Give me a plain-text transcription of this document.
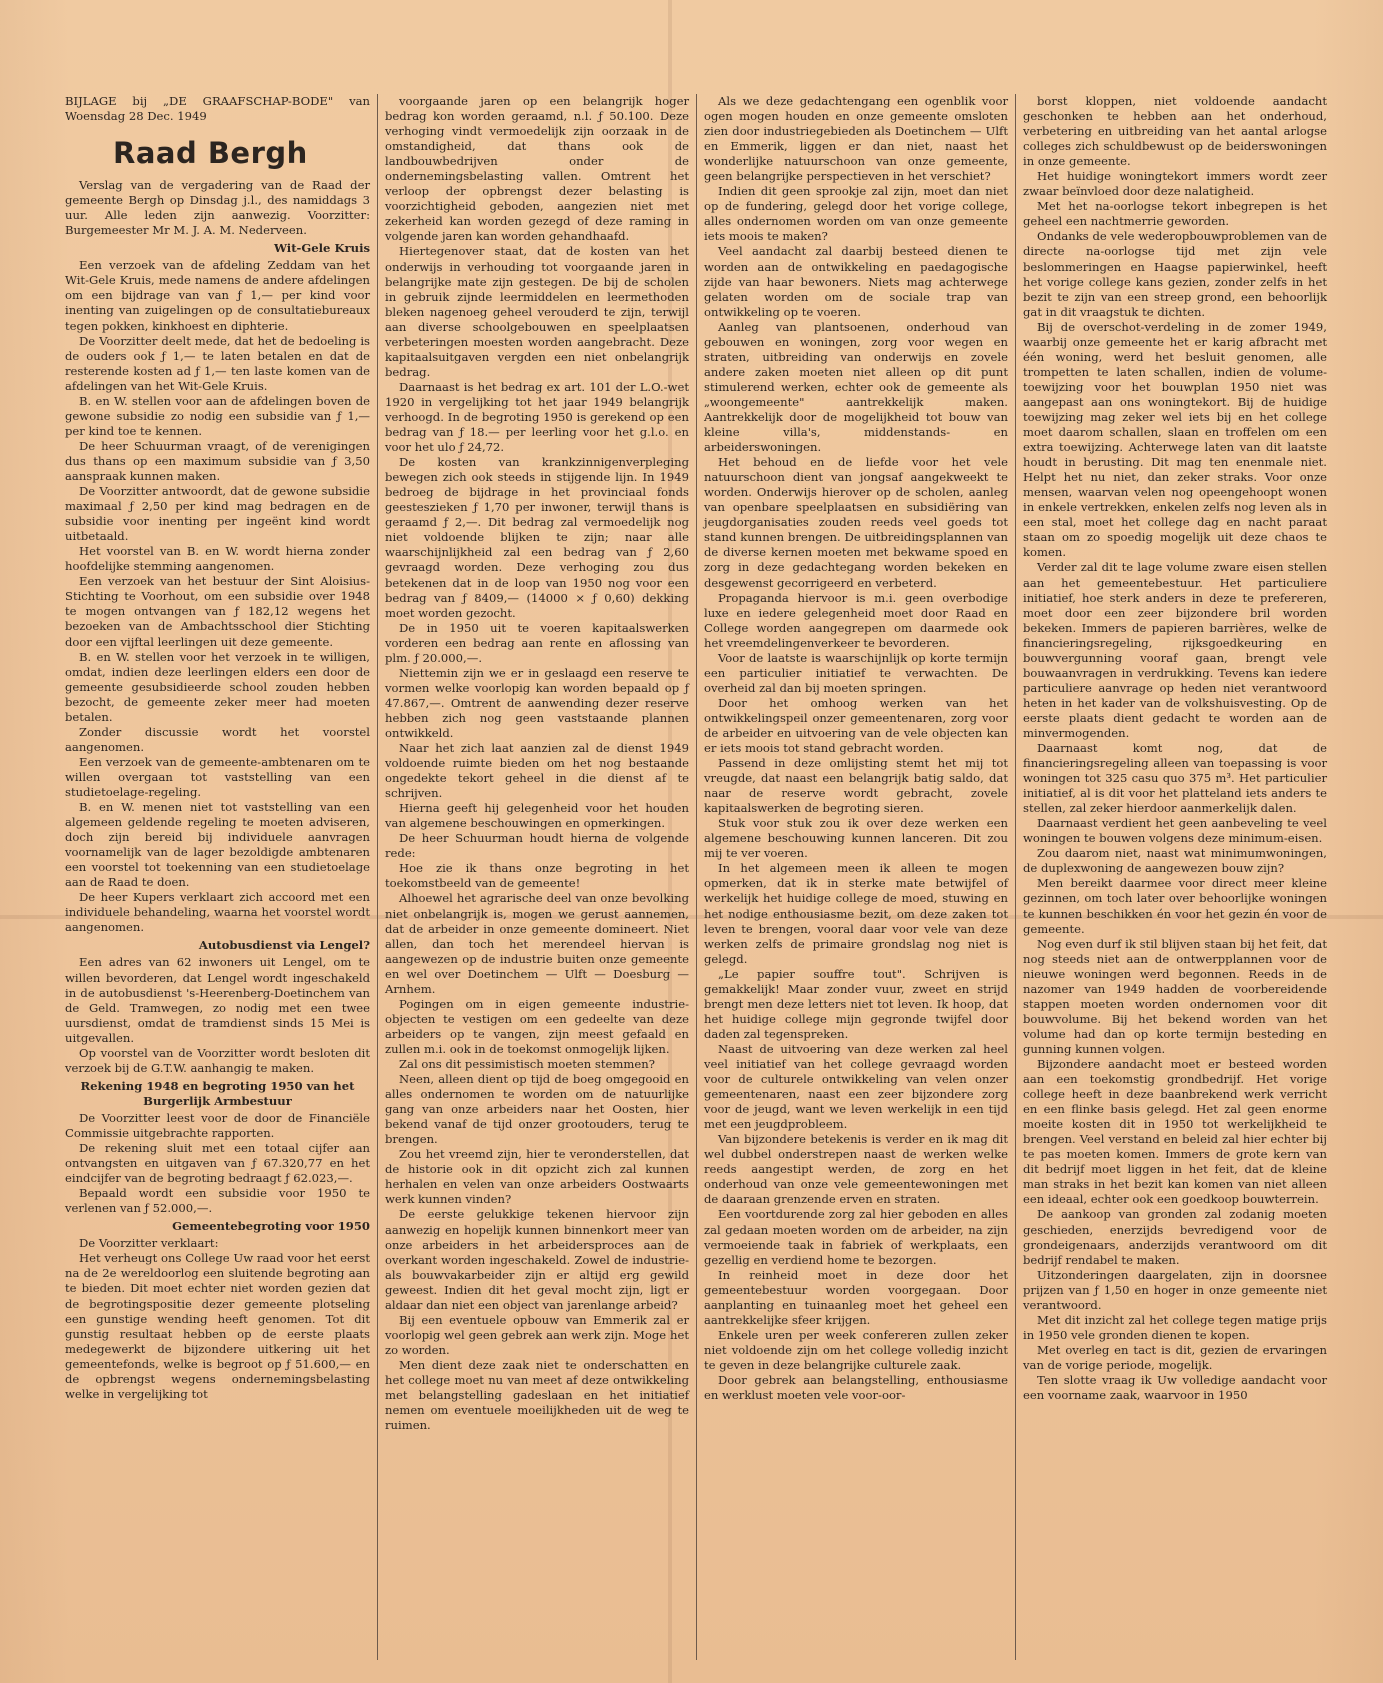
BIJLAGE bij „DE GRAAFSCHAP-BODE" van Woensdag 28 Dec. 1949

Raad Bergh

Verslag van de vergadering van de Raad der gemeente Bergh op Dinsdag j.l., des namiddags 3 uur. Alle leden zijn aanwezig. Voorzitter: Burgemeester Mr M. J. A. M. Nederveen.

Wit-Gele Kruis

Een verzoek van de afdeling Zeddam van het Wit-Gele Kruis, mede namens de andere afdelingen om een bijdrage van van ƒ 1,— per kind voor inenting van zuigelingen op de consultatiebureaux tegen pokken, kinkhoest en diphterie.

De Voorzitter deelt mede, dat het de bedoeling is de ouders ook ƒ 1,— te laten betalen en dat de resterende kosten ad ƒ 1,— ten laste komen van de afdelingen van het Wit-Gele Kruis.

B. en W. stellen voor aan de afdelingen boven de gewone subsidie zo nodig een subsidie van ƒ 1,— per kind toe te kennen.

De heer Schuurman vraagt, of de verenigingen dus thans op een maximum subsidie van ƒ 3,50 aanspraak kunnen maken.

De Voorzitter antwoordt, dat de gewone subsidie maximaal ƒ 2,50 per kind mag bedragen en de subsidie voor inenting per ingeënt kind wordt uitbetaald.

Het voorstel van B. en W. wordt hierna zonder hoofdelijke stemming aangenomen.

Een verzoek van het bestuur der Sint Aloisius-Stichting te Voorhout, om een subsidie over 1948 te mogen ontvangen van ƒ 182,12 wegens het bezoeken van de Ambachtsschool dier Stichting door een vijftal leerlingen uit deze gemeente.

B. en W. stellen voor het verzoek in te willigen, omdat, indien deze leerlingen elders een door de gemeente gesubsidieerde school zouden hebben bezocht, de gemeente zeker meer had moeten betalen.

Zonder discussie wordt het voorstel aangenomen.

Een verzoek van de gemeente-ambtenaren om te willen overgaan tot vaststelling van een studietoelage-regeling.

B. en W. menen niet tot vaststelling van een algemeen geldende regeling te moeten adviseren, doch zijn bereid bij individuele aanvragen voornamelijk van de lager bezoldigde ambtenaren een voorstel tot toekenning van een studietoelage aan de Raad te doen.

De heer Kupers verklaart zich accoord met een individuele behandeling, waarna het voorstel wordt aangenomen.

Autobusdienst via Lengel?

Een adres van 62 inwoners uit Lengel, om te willen bevorderen, dat Lengel wordt ingeschakeld in de autobusdienst 's-Heerenberg-Doetinchem van de Geld. Tramwegen, zo nodig met een twee uursdienst, omdat de tramdienst sinds 15 Mei is uitgevallen.

Op voorstel van de Voorzitter wordt besloten dit verzoek bij de G.T.W. aanhangig te maken.

Rekening 1948 en begroting 1950 van het Burgerlijk Armbestuur

De Voorzitter leest voor de door de Financiële Commissie uitgebrachte rapporten.

De rekening sluit met een totaal cijfer aan ontvangsten en uitgaven van ƒ 67.320,77 en het eindcijfer van de begroting bedraagt ƒ 62.023,—.

Bepaald wordt een subsidie voor 1950 te verlenen van ƒ 52.000,—.

Gemeentebegroting voor 1950

De Voorzitter verklaart:

Het verheugt ons College Uw raad voor het eerst na de 2e wereldoorlog een sluitende begroting aan te bieden. Dit moet echter niet worden gezien dat de begrotingspositie dezer gemeente plotseling een gunstige wending heeft genomen. Tot dit gunstig resultaat hebben op de eerste plaats medegewerkt de bijzondere uitkering uit het gemeentefonds, welke is begroot op ƒ 51.600,— en de opbrengst wegens ondernemingsbelasting welke in vergelijking tot

voorgaande jaren op een belangrijk hoger bedrag kon worden geraamd, n.l. ƒ 50.100. Deze verhoging vindt vermoedelijk zijn oorzaak in de omstandigheid, dat thans ook de landbouwbedrijven onder de ondernemingsbelasting vallen. Omtrent het verloop der opbrengst dezer belasting is voorzichtigheid geboden, aangezien niet met zekerheid kan worden gezegd of deze raming in volgende jaren kan worden gehandhaafd.

Hiertegenover staat, dat de kosten van het onderwijs in verhouding tot voorgaande jaren in belangrijke mate zijn gestegen. De bij de scholen in gebruik zijnde leermiddelen en leermethoden bleken nagenoeg geheel verouderd te zijn, terwijl aan diverse schoolgebouwen en speelplaatsen verbeteringen moesten worden aangebracht. Deze kapitaalsuitgaven vergden een niet onbelangrijk bedrag.

Daarnaast is het bedrag ex art. 101 der L.O.-wet 1920 in vergelijking tot het jaar 1949 belangrijk verhoogd. In de begroting 1950 is gerekend op een bedrag van ƒ 18.— per leerling voor het g.l.o. en voor het ulo ƒ 24,72.

De kosten van krankzinnigenverpleging bewegen zich ook steeds in stijgende lijn. In 1949 bedroeg de bijdrage in het provinciaal fonds geesteszieken ƒ 1,70 per inwoner, terwijl thans is geraamd ƒ 2,—. Dit bedrag zal vermoedelijk nog niet voldoende blijken te zijn; naar alle waarschijnlijkheid zal een bedrag van ƒ 2,60 gevraagd worden. Deze verhoging zou dus betekenen dat in de loop van 1950 nog voor een bedrag van ƒ 8409,— (14000 × ƒ 0,60) dekking moet worden gezocht.

De in 1950 uit te voeren kapitaalswerken vorderen een bedrag aan rente en aflossing van plm. ƒ 20.000,—.

Niettemin zijn we er in geslaagd een reserve te vormen welke voorlopig kan worden bepaald op ƒ 47.867,—. Omtrent de aanwending dezer reserve hebben zich nog geen vaststaande plannen ontwikkeld.

Naar het zich laat aanzien zal de dienst 1949 voldoende ruimte bieden om het nog bestaande ongedekte tekort geheel in die dienst af te schrijven.

Hierna geeft hij gelegenheid voor het houden van algemene beschouwingen en opmerkingen.

De heer Schuurman houdt hierna de volgende rede:

Hoe zie ik thans onze begroting in het toekomstbeeld van de gemeente!

Alhoewel het agrarische deel van onze bevolking niet onbelangrijk is, mogen we gerust aannemen, dat de arbeider in onze gemeente domineert. Niet allen, dan toch het merendeel hiervan is aangewezen op de industrie buiten onze gemeente en wel over Doetinchem — Ulft — Doesburg — Arnhem.

Pogingen om in eigen gemeente industrie-objecten te vestigen om een gedeelte van deze arbeiders op te vangen, zijn meest gefaald en zullen m.i. ook in de toekomst onmogelijk lijken.

Zal ons dit pessimistisch moeten stemmen?

Neen, alleen dient op tijd de boeg omgegooid en alles ondernomen te worden om de natuurlijke gang van onze arbeiders naar het Oosten, hier bekend vanaf de tijd onzer grootouders, terug te brengen.

Zou het vreemd zijn, hier te veronderstellen, dat de historie ook in dit opzicht zich zal kunnen herhalen en velen van onze arbeiders Oostwaarts werk kunnen vinden?

De eerste gelukkige tekenen hiervoor zijn aanwezig en hopelijk kunnen binnenkort meer van onze arbeiders in het arbeidersproces aan de overkant worden ingeschakeld. Zowel de industrie- als bouwvakarbeider zijn er altijd erg gewild geweest. Indien dit het geval mocht zijn, ligt er aldaar dan niet een object van jarenlange arbeid?

Bij een eventuele opbouw van Emmerik zal er voorlopig wel geen gebrek aan werk zijn. Moge het zo worden.

Men dient deze zaak niet te onderschatten en het college moet nu van meet af deze ontwikkeling met belangstelling gadeslaan en het initiatief nemen om eventuele moeilijkheden uit de weg te ruimen.

Als we deze gedachtengang een ogenblik voor ogen mogen houden en onze gemeente omsloten zien door industriegebieden als Doetinchem — Ulft en Emmerik, liggen er dan niet, naast het wonderlijke natuurschoon van onze gemeente, geen belangrijke perspectieven in het verschiet?

Indien dit geen sprookje zal zijn, moet dan niet op de fundering, gelegd door het vorige college, alles ondernomen worden om van onze gemeente iets moois te maken?

Veel aandacht zal daarbij besteed dienen te worden aan de ontwikkeling en paedagogische zijde van haar bewoners. Niets mag achterwege gelaten worden om de sociale trap van ontwikkeling op te voeren.

Aanleg van plantsoenen, onderhoud van gebouwen en woningen, zorg voor wegen en straten, uitbreiding van onderwijs en zovele andere zaken moeten niet alleen op dit punt stimulerend werken, echter ook de gemeente als „woongemeente" aantrekkelijk maken. Aantrekkelijk door de mogelijkheid tot bouw van kleine villa's, middenstands- en arbeiderswoningen.

Het behoud en de liefde voor het vele natuurschoon dient van jongsaf aangekweekt te worden. Onderwijs hierover op de scholen, aanleg van openbare speelplaatsen en subsidiëring van jeugdorganisaties zouden reeds veel goeds tot stand kunnen brengen. De uitbreidingsplannen van de diverse kernen moeten met bekwame spoed en zorg in deze gedachtegang worden bekeken en desgewenst gecorrigeerd en verbeterd.

Propaganda hiervoor is m.i. geen overbodige luxe en iedere gelegenheid moet door Raad en College worden aangegrepen om daarmede ook het vreemdelingenverkeer te bevorderen.

Voor de laatste is waarschijnlijk op korte termijn een particulier initiatief te verwachten. De overheid zal dan bij moeten springen.

Door het omhoog werken van het ontwikkelingspeil onzer gemeentenaren, zorg voor de arbeider en uitvoering van de vele objecten kan er iets moois tot stand gebracht worden.

Passend in deze omlijsting stemt het mij tot vreugde, dat naast een belangrijk batig saldo, dat naar de reserve wordt gebracht, zovele kapitaalswerken de begroting sieren.

Stuk voor stuk zou ik over deze werken een algemene beschouwing kunnen lanceren. Dit zou mij te ver voeren.

In het algemeen meen ik alleen te mogen opmerken, dat ik in sterke mate betwijfel of werkelijk het huidige college de moed, stuwing en het nodige enthousiasme bezit, om deze zaken tot leven te brengen, vooral daar voor vele van deze werken zelfs de primaire grondslag nog niet is gelegd.

„Le papier souffre tout". Schrijven is gemakkelijk! Maar zonder vuur, zweet en strijd brengt men deze letters niet tot leven. Ik hoop, dat het huidige college mijn gegronde twijfel door daden zal tegenspreken.

Naast de uitvoering van deze werken zal heel veel initiatief van het college gevraagd worden voor de culturele ontwikkeling van velen onzer gemeentenaren, naast een zeer bijzondere zorg voor de jeugd, want we leven werkelijk in een tijd met een jeugdprobleem.

Van bijzondere betekenis is verder en ik mag dit wel dubbel onderstrepen naast de werken welke reeds aangestipt werden, de zorg en het onderhoud van onze vele gemeentewoningen met de daaraan grenzende erven en straten.

Een voortdurende zorg zal hier geboden en alles zal gedaan moeten worden om de arbeider, na zijn vermoeiende taak in fabriek of werkplaats, een gezellig en verdiend home te bezorgen.

In reinheid moet in deze door het gemeentebestuur worden voorgegaan. Door aanplanting en tuinaanleg moet het geheel een aantrekkelijke sfeer krijgen.

Enkele uren per week confereren zullen zeker niet voldoende zijn om het college volledig inzicht te geven in deze belangrijke culturele zaak.

Door gebrek aan belangstelling, enthousiasme en werklust moeten vele voor-oor-

borst kloppen, niet voldoende aandacht geschonken te hebben aan het onderhoud, verbetering en uitbreiding van het aantal arlogse colleges zich schuldbewust op de beiderswoningen in onze gemeente.

Het huidige woningtekort immers wordt zeer zwaar beïnvloed door deze nalatigheid.

Met het na-oorlogse tekort inbegrepen is het geheel een nachtmerrie geworden.

Ondanks de vele wederopbouwproblemen van de directe na-oorlogse tijd met zijn vele beslommeringen en Haagse papierwinkel, heeft het vorige college kans gezien, zonder zelfs in het bezit te zijn van een streep grond, een behoorlijk gat in dit vraagstuk te dichten.

Bij de overschot-verdeling in de zomer 1949, waarbij onze gemeente het er karig afbracht met één woning, werd het besluit genomen, alle trompetten te laten schallen, indien de volume-toewijzing voor het bouwplan 1950 niet was aangepast aan ons woningtekort. Bij de huidige toewijzing mag zeker wel iets bij en het college moet daarom schallen, slaan en troffelen om een extra toewijzing. Achterwege laten van dit laatste houdt in berusting. Dit mag ten enenmale niet. Helpt het nu niet, dan zeker straks. Voor onze mensen, waarvan velen nog opeengehoopt wonen in enkele vertrekken, enkelen zelfs nog leven als in een stal, moet het college dag en nacht paraat staan om zo spoedig mogelijk uit deze chaos te komen.

Verder zal dit te lage volume zware eisen stellen aan het gemeentebestuur. Het particuliere initiatief, hoe sterk anders in deze te prefereren, moet door een zeer bijzondere bril worden bekeken. Immers de papieren barrières, welke de financieringsregeling, rijksgoedkeuring en bouwvergunning vooraf gaan, brengt vele bouwaanvragen in verdrukking. Tevens kan iedere particuliere aanvrage op heden niet verantwoord heten in het kader van de volkshuisvesting. Op de eerste plaats dient gedacht te worden aan de minvermogenden.

Daarnaast komt nog, dat de financieringsregeling alleen van toepassing is voor woningen tot 325 casu quo 375 m³. Het particulier initiatief, al is dit voor het platteland iets anders te stellen, zal zeker hierdoor aanmerkelijk dalen.

Daarnaast verdient het geen aanbeveling te veel woningen te bouwen volgens deze minimum-eisen.

Zou daarom niet, naast wat minimumwoningen, de duplexwoning de aangewezen bouw zijn?

Men bereikt daarmee voor direct meer kleine gezinnen, om toch later over behoorlijke woningen te kunnen beschikken én voor het gezin én voor de gemeente.

Nog even durf ik stil blijven staan bij het feit, dat nog steeds niet aan de ontwerpplannen voor de nieuwe woningen werd begonnen. Reeds in de nazomer van 1949 hadden de voorbereidende stappen moeten worden ondernomen voor dit bouwvolume. Bij het bekend worden van het volume had dan op korte termijn besteding en gunning kunnen volgen.

Bijzondere aandacht moet er besteed worden aan een toekomstig grondbedrijf. Het vorige college heeft in deze baanbrekend werk verricht en een flinke basis gelegd. Het zal geen enorme moeite kosten dit in 1950 tot werkelijkheid te brengen. Veel verstand en beleid zal hier echter bij te pas moeten komen. Immers de grote kern van dit bedrijf moet liggen in het feit, dat de kleine man straks in het bezit kan komen van niet alleen een ideaal, echter ook een goedkoop bouwterrein.

De aankoop van gronden zal zodanig moeten geschieden, enerzijds bevredigend voor de grondeigenaars, anderzijds verantwoord om dit bedrijf rendabel te maken.

Uitzonderingen daargelaten, zijn in doorsnee prijzen van ƒ 1,50 en hoger in onze gemeente niet verantwoord.

Met dit inzicht zal het college tegen matige prijs in 1950 vele gronden dienen te kopen.

Met overleg en tact is dit, gezien de ervaringen van de vorige periode, mogelijk.

Ten slotte vraag ik Uw volledige aandacht voor een voorname zaak, waarvoor in 1950
